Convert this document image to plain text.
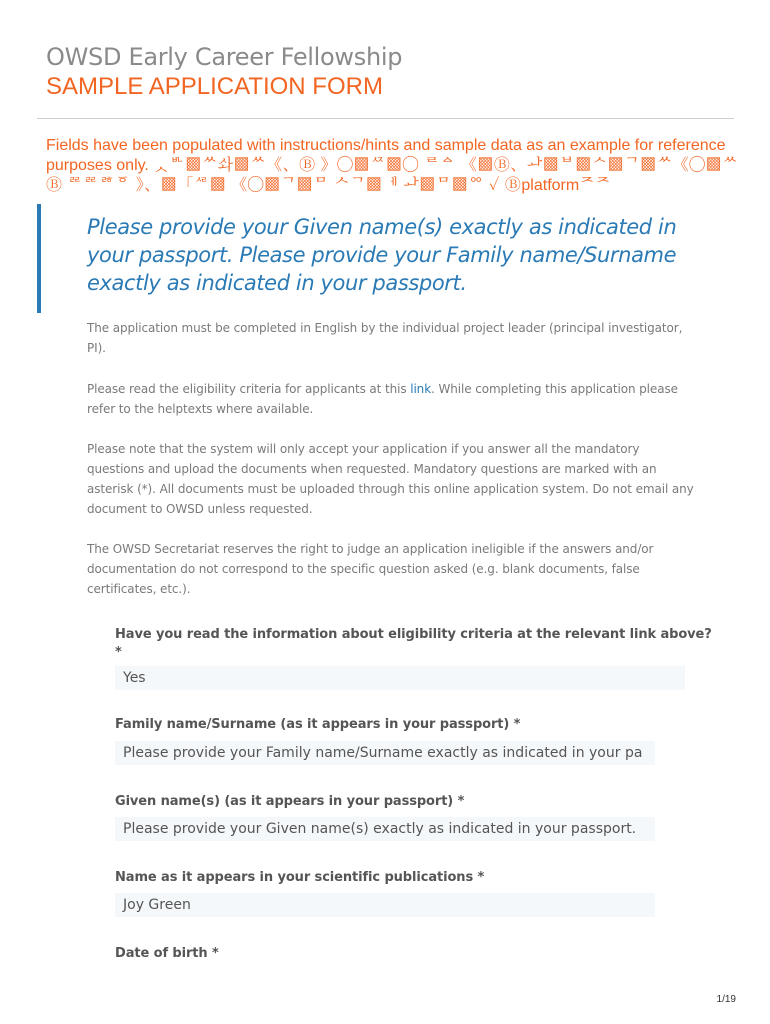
OWSD Early Career Fellowship
SAMPLE APPLICATION FORM
Fields have been populated with instructions/hints and sample data as an example for reference purposes only. ᆺᄟ▩ᄊᄼᅪ▩ᄊ《、Ⓑ 》◯▩ᄶ▩◯ ᄅᅀ 《▩Ⓑ、ᅪ▩ᄇ▩ᄉ▩ᄀ▩ᄊ《◯▩ᄊ Ⓑ ᄙᄙᄚᅙ 》、▩「ᄰ▩ 《◯▩ᄀ▩ᄆ ᄉᅠᄀ▩ᅦ ᅪ▩ᄆ▩ᅇ ✓ Ⓑplatformᄌᄌ
Please provide your Given name(s) exactly as indicated in your passport. Please provide your Family name/Surname exactly as indicated in your passport.
The application must be completed in English by the individual project leader (principal investigator, PI).
Please read the eligibility criteria for applicants at this link. While completing this application please refer to the helptexts where available.
Please note that the system will only accept your application if you answer all the mandatory questions and upload the documents when requested. Mandatory questions are marked with an asterisk (*). All documents must be uploaded through this online application system. Do not email any document to OWSD unless requested.
The OWSD Secretariat reserves the right to judge an application ineligible if the answers and/or documentation do not correspond to the specific question asked (e.g. blank documents, false certificates, etc.).
Have you read the information about eligibility criteria at the relevant link above? *
Yes
Family name/Surname (as it appears in your passport) *
Please provide your Family name/Surname exactly as indicated in your pa
Given name(s) (as it appears in your passport) *
Please provide your Given name(s) exactly as indicated in your passport.
Name as it appears in your scientific publications *
Joy Green
Date of birth *
1/19
